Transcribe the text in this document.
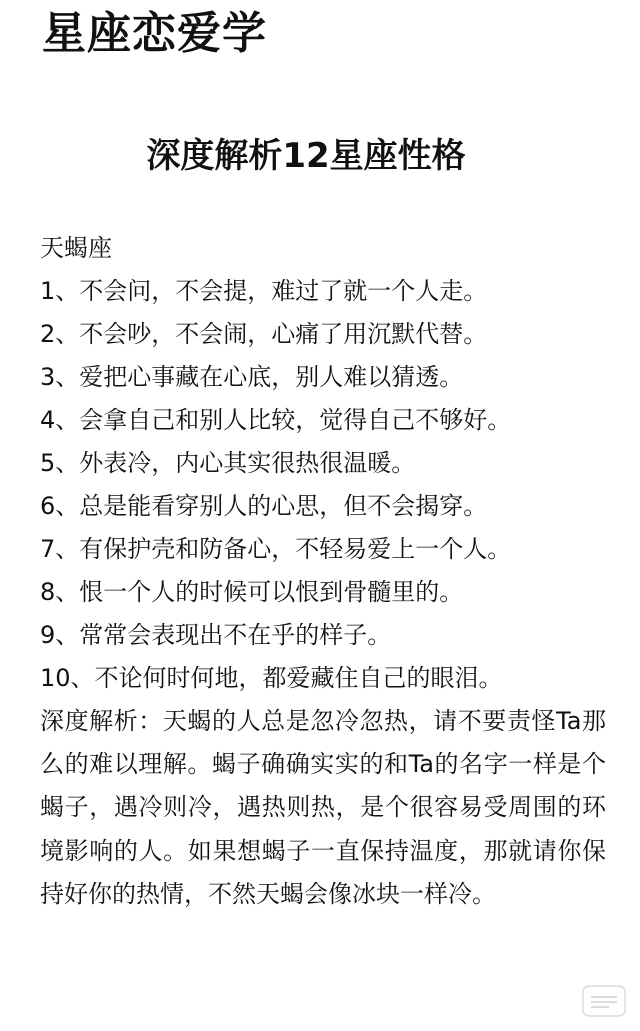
星座恋爱学
深度解析12星座性格
天蝎座
1、不会问，不会提，难过了就一个人走。
2、不会吵，不会闹，心痛了用沉默代替。
3、爱把心事藏在心底，别人难以猜透。
4、会拿自己和别人比较，觉得自己不够好。
5、外表冷，内心其实很热很温暖。
6、总是能看穿别人的心思，但不会揭穿。
7、有保护壳和防备心，不轻易爱上一个人。
8、恨一个人的时候可以恨到骨髓里的。
9、常常会表现出不在乎的样子。
10、不论何时何地，都爱藏住自己的眼泪。
深度解析：天蝎的人总是忽冷忽热，请不要责怪Ta那么的难以理解。蝎子确确实实的和Ta的名字一样是个蝎子，遇冷则冷，遇热则热，是个很容易受周围的环境影响的人。如果想蝎子一直保持温度，那就请你保持好你的热情，不然天蝎会像冰块一样冷。
